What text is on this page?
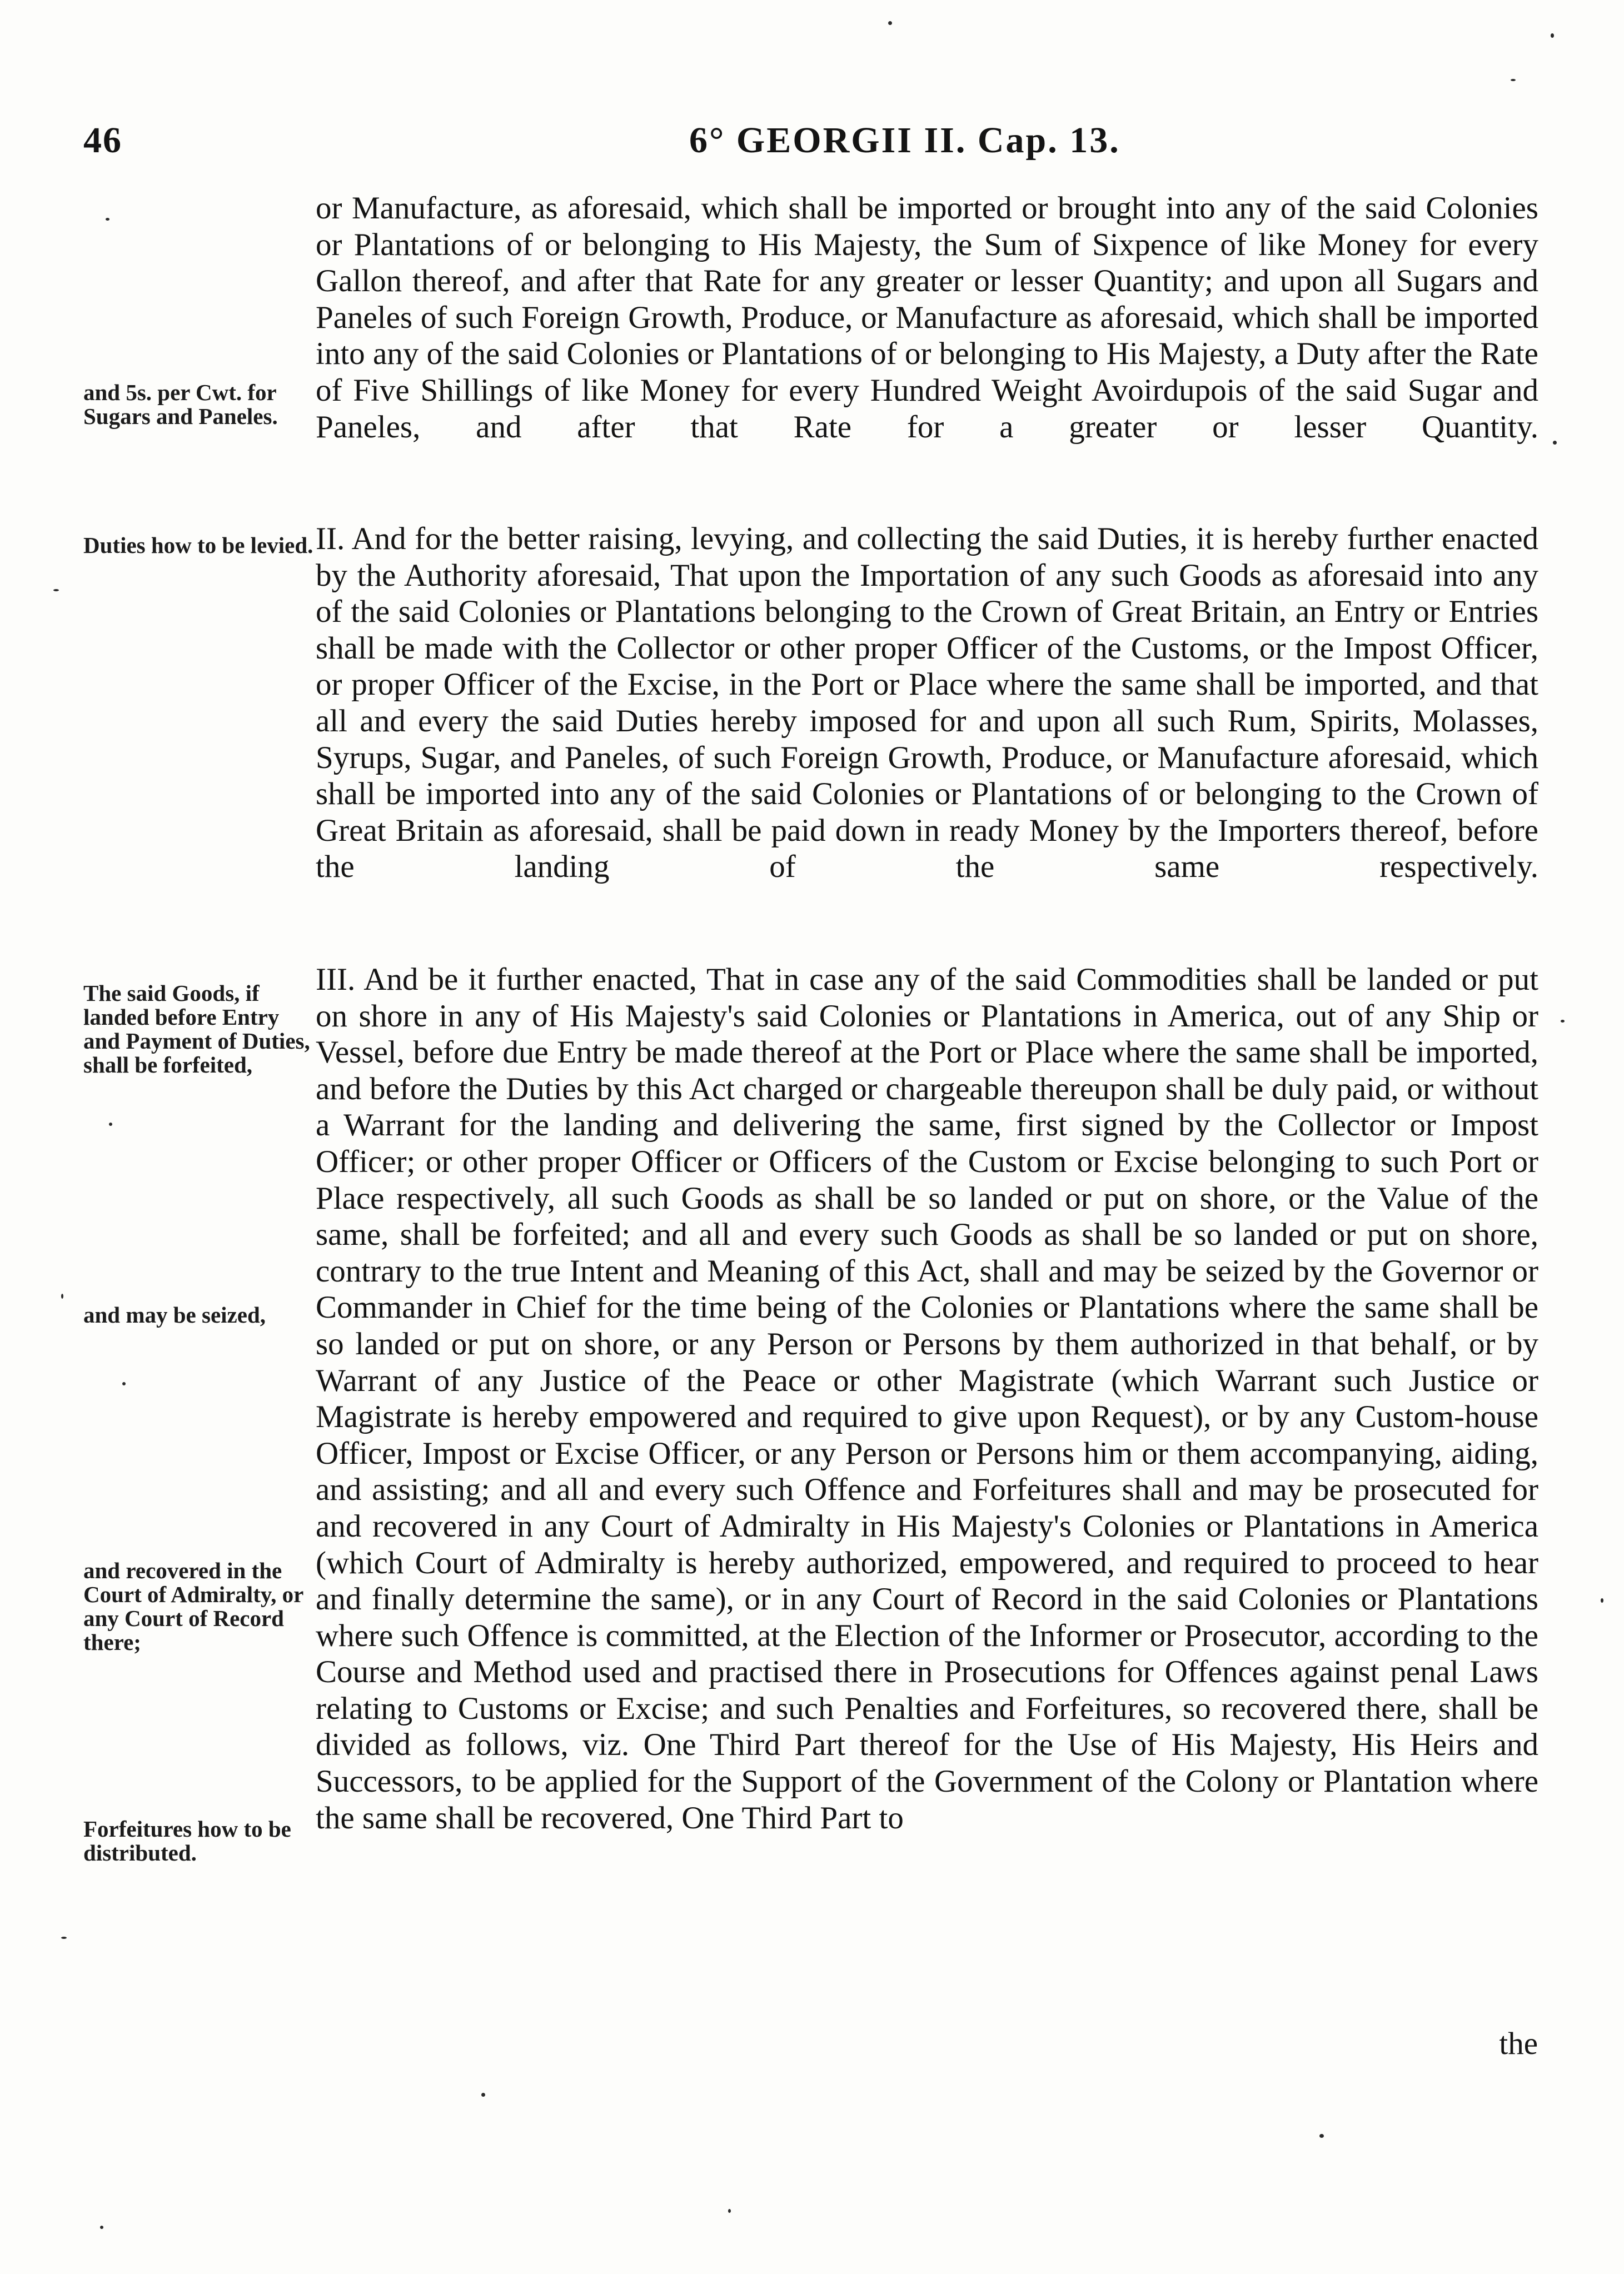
46	6° GEORGII II. Cap. 13.

or Manufacture, as aforesaid, which shall be imported or brought into any of the said Colonies or Plantations of or belonging to His Majesty, the Sum of Sixpence of like Money for every Gallon thereof, and after that Rate for any greater or lesser Quantity; and upon all Sugars and Paneles of such Foreign Growth, Produce, or Manufacture as aforesaid, which shall be imported into any of the said Colonies or Plantations of or belonging to His Majesty, a Duty after the Rate of Five Shillings of like Money for every Hundred Weight Avoirdupois of the said Sugar and Paneles, and after that Rate for a greater or lesser Quantity.

II. And for the better raising, levying, and collecting the said Duties, it is hereby further enacted by the Authority aforesaid, That upon the Importation of any such Goods as aforesaid into any of the said Colonies or Plantations belonging to the Crown of Great Britain, an Entry or Entries shall be made with the Collector or other proper Officer of the Customs, or the Impost Officer, or proper Officer of the Excise, in the Port or Place where the same shall be imported, and that all and every the said Duties hereby imposed for and upon all such Rum, Spirits, Molasses, Syrups, Sugar, and Paneles, of such Foreign Growth, Produce, or Manufacture aforesaid, which shall be imported into any of the said Colonies or Plantations of or belonging to the Crown of Great Britain as aforesaid, shall be paid down in ready Money by the Importers thereof, before the landing of the same respectively.

III. And be it further enacted, That in case any of the said Commodities shall be landed or put on shore in any of His Majesty's said Colonies or Plantations in America, out of any Ship or Vessel, before due Entry be made thereof at the Port or Place where the same shall be imported, and before the Duties by this Act charged or chargeable thereupon shall be duly paid, or without a Warrant for the landing and delivering the same, first signed by the Collector or Impost Officer; or other proper Officer or Officers of the Custom or Excise belonging to such Port or Place respectively, all such Goods as shall be so landed or put on shore, or the Value of the same, shall be forfeited; and all and every such Goods as shall be so landed or put on shore, contrary to the true Intent and Meaning of this Act, shall and may be seized by the Governor or Commander in Chief for the time being of the Colonies or Plantations where the same shall be so landed or put on shore, or any Person or Persons by them authorized in that behalf, or by Warrant of any Justice of the Peace or other Magistrate (which Warrant such Justice or Magistrate is hereby empowered and required to give upon Request), or by any Custom-house Officer, Impost or Excise Officer, or any Person or Persons him or them accompanying, aiding, and assisting; and all and every such Offence and Forfeitures shall and may be prosecuted for and recovered in any Court of Admiralty in His Majesty's Colonies or Plantations in America (which Court of Admiralty is hereby authorized, empowered, and required to proceed to hear and finally determine the same), or in any Court of Record in the said Colonies or Plantations where such Offence is committed, at the Election of the Informer or Prosecutor, according to the Course and Method used and practised there in Prosecutions for Offences against penal Laws relating to Customs or Excise; and such Penalties and Forfeitures, so recovered there, shall be divided as follows, viz. One Third Part thereof for the Use of His Majesty, His Heirs and Successors, to be applied for the Support of the Government of the Colony or Plantation where the same shall be recovered, One Third Part to

the

and 5s. per Cwt. for Sugars and Paneles.

Duties how to be levied.

The said Goods, if landed before Entry and Payment of Duties, shall be forfeited,

and may be seized,

and recovered in the Court of Admiralty, or any Court of Record there;

Forfeitures how to be distributed.
